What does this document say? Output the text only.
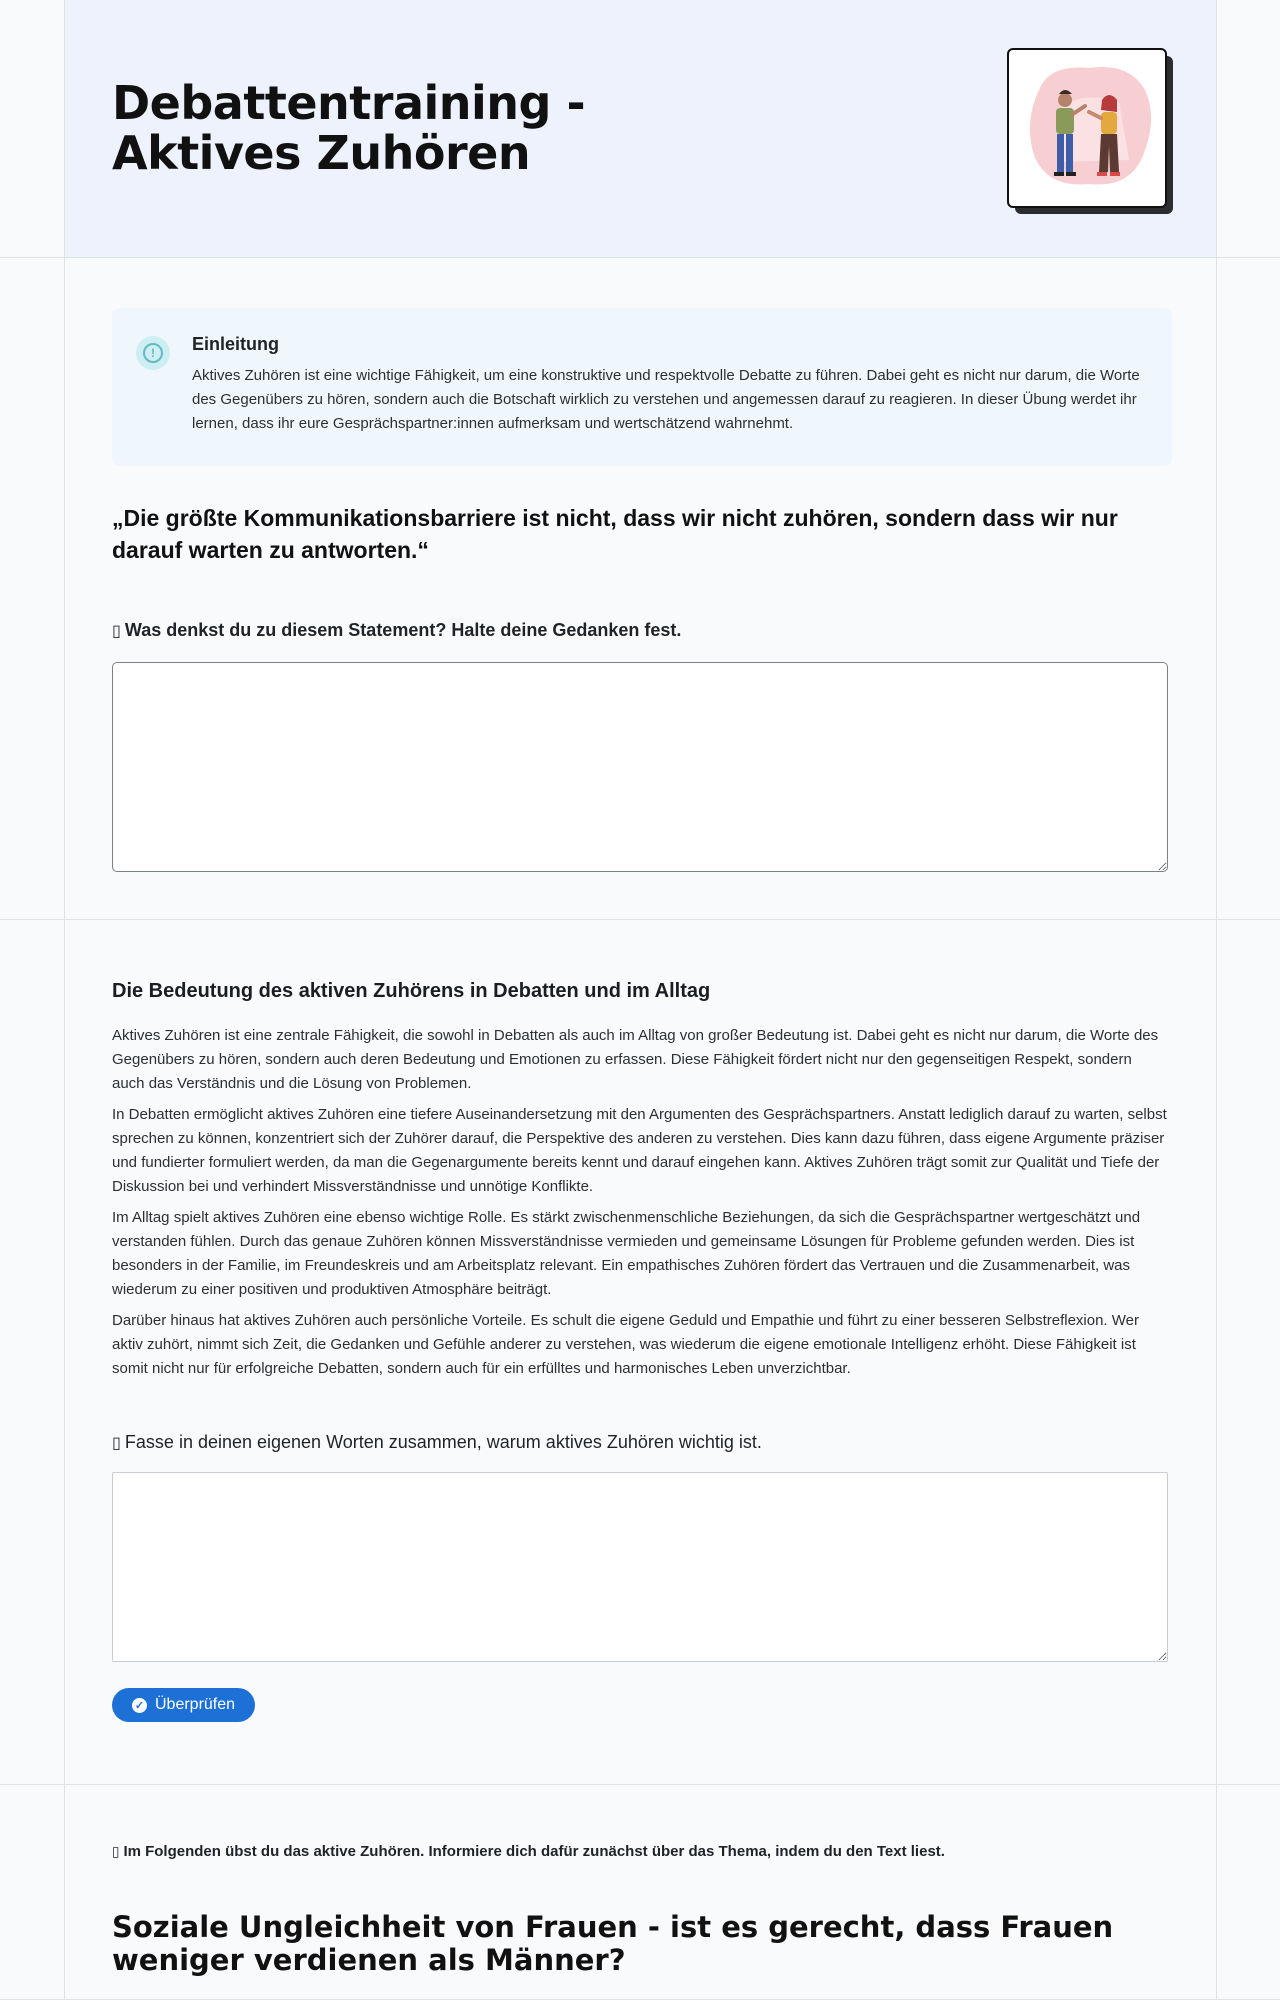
Debattentraining - Aktives Zuhören
!	Einleitung

Aktives Zuhören ist eine wichtige Fähigkeit, um eine konstruktive und respektvolle Debatte zu führen. Dabei geht es nicht nur darum, die Worte des Gegenübers zu hören, sondern auch die Botschaft wirklich zu verstehen und angemessen darauf zu reagieren. In dieser Übung werdet ihr lernen, dass ihr eure Gesprächspartner:innen aufmerksam und wertschätzend wahrnehmt.

„Die größte Kommunikationsbarriere ist nicht, dass wir nicht zuhören, sondern dass wir nur darauf warten zu antworten.“

▯ Was denkst du zu diesem Statement? Halte deine Gedanken fest.
Die Bedeutung des aktiven Zuhörens in Debatten und im Alltag

Aktives Zuhören ist eine zentrale Fähigkeit, die sowohl in Debatten als auch im Alltag von großer Bedeutung ist. Dabei geht es nicht nur darum, die Worte des Gegenübers zu hören, sondern auch deren Bedeutung und Emotionen zu erfassen. Diese Fähigkeit fördert nicht nur den gegenseitigen Respekt, sondern auch das Verständnis und die Lösung von Problemen.

In Debatten ermöglicht aktives Zuhören eine tiefere Auseinandersetzung mit den Argumenten des Gesprächspartners. Anstatt lediglich darauf zu warten, selbst sprechen zu können, konzentriert sich der Zuhörer darauf, die Perspektive des anderen zu verstehen. Dies kann dazu führen, dass eigene Argumente präziser und fundierter formuliert werden, da man die Gegenargumente bereits kennt und darauf eingehen kann. Aktives Zuhören trägt somit zur Qualität und Tiefe der Diskussion bei und verhindert Missverständnisse und unnötige Konflikte.

Im Alltag spielt aktives Zuhören eine ebenso wichtige Rolle. Es stärkt zwischenmenschliche Beziehungen, da sich die Gesprächspartner wertgeschätzt und verstanden fühlen. Durch das genaue Zuhören können Missverständnisse vermieden und gemeinsame Lösungen für Probleme gefunden werden. Dies ist besonders in der Familie, im Freundeskreis und am Arbeitsplatz relevant. Ein empathisches Zuhören fördert das Vertrauen und die Zusammenarbeit, was wiederum zu einer positiven und produktiven Atmosphäre beiträgt.

Darüber hinaus hat aktives Zuhören auch persönliche Vorteile. Es schult die eigene Geduld und Empathie und führt zu einer besseren Selbstreflexion. Wer aktiv zuhört, nimmt sich Zeit, die Gedanken und Gefühle anderer zu verstehen, was wiederum die eigene emotionale Intelligenz erhöht. Diese Fähigkeit ist somit nicht nur für erfolgreiche Debatten, sondern auch für ein erfülltes und harmonisches Leben unverzichtbar.

▯ Fasse in deinen eigenen Worten zusammen, warum aktives Zuhören wichtig ist.
✓ Überprüfen
▯ Im Folgenden übst du das aktive Zuhören. Informiere dich dafür zunächst über das Thema, indem du den Text liest.
Soziale Ungleichheit von Frauen - ist es gerecht, dass Frauen weniger verdienen als Männer?
